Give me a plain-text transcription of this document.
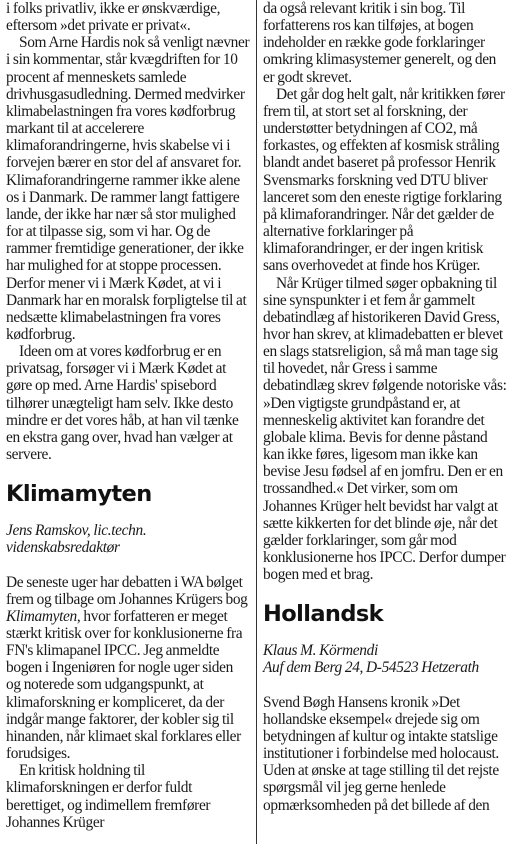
i folks privatliv, ikke er ønskværdige, eftersom »det private er privat«.

Som Arne Hardis nok så venligt nævner i sin kommentar, står kvægdriften for 10 procent af menneskets samlede drivhusgasudledning. Dermed medvirker klimabelastningen fra vores kødforbrug markant til at accelerere klimaforandringerne, hvis skabelse vi i forvejen bærer en stor del af ansvaret for. Klimaforandringerne rammer ikke alene os i Danmark. De rammer langt fattigere lande, der ikke har nær så stor mulighed for at tilpasse sig, som vi har. Og de rammer fremtidige generationer, der ikke har mulighed for at stoppe processen. Derfor mener vi i Mærk Kødet, at vi i Danmark har en moralsk forpligtelse til at nedsætte klimabelastningen fra vores kødforbrug.

Ideen om at vores kødforbrug er en privatsag, forsøger vi i Mærk Kødet at gøre op med. Arne Hardis' spisebord tilhører unægteligt ham selv. Ikke desto mindre er det vores håb, at han vil tænke en ekstra gang over, hvad han vælger at servere.

Klimamyten
Jens Ramskov, lic.techn.
videnskabsredaktør

De seneste uger har debatten i WA bølget frem og tilbage om Johannes Krügers bog Klimamyten, hvor forfatteren er meget stærkt kritisk over for konklusionerne fra FN's klimapanel IPCC. Jeg anmeldte bogen i Ingeniøren for nogle uger siden og noterede som udgangspunkt, at klimaforskning er kompliceret, da der indgår mange faktorer, der kobler sig til hinanden, når klimaet skal forklares eller forudsiges.

En kritisk holdning til klimaforskningen er derfor fuldt berettiget, og indimellem fremfører Johannes Krüger

da også relevant kritik i sin bog. Til forfatterens ros kan tilføjes, at bogen indeholder en række gode forklaringer omkring klimasystemer generelt, og den er godt skrevet.

Det går dog helt galt, når kritikken fører frem til, at stort set al forskning, der understøtter betydningen af CO2, må forkastes, og effekten af kosmisk stråling blandt andet baseret på professor Henrik Svensmarks forskning ved DTU bliver lanceret som den eneste rigtige forklaring på klimaforandringer. Når det gælder de alternative forklaringer på klimaforandringer, er der ingen kritisk sans overhovedet at finde hos Krüger.

Når Krüger tilmed søger opbakning til sine synspunkter i et fem år gammelt debatindlæg af historikeren David Gress, hvor han skrev, at klimadebatten er blevet en slags statsreligion, så må man tage sig til hovedet, når Gress i samme debatindlæg skrev følgende notoriske vås: »Den vigtigste grundpåstand er, at menneskelig aktivitet kan forandre det globale klima. Bevis for denne påstand kan ikke føres, ligesom man ikke kan bevise Jesu fødsel af en jomfru. Den er en trossandhed.« Det virker, som om Johannes Krüger helt bevidst har valgt at sætte kikkerten for det blinde øje, når det gælder forklaringer, som går mod konklusionerne hos IPCC. Derfor dumper bogen med et brag.

Hollandsk
Klaus M. Körmendi
Auf dem Berg 24, D-54523 Hetzerath

Svend Bøgh Hansens kronik »Det hollandske eksempel« drejede sig om betydningen af kultur og intakte statslige institutioner i forbindelse med holocaust. Uden at ønske at tage stilling til det rejste spørgsmål vil jeg gerne henlede opmærksomheden på det billede af den
